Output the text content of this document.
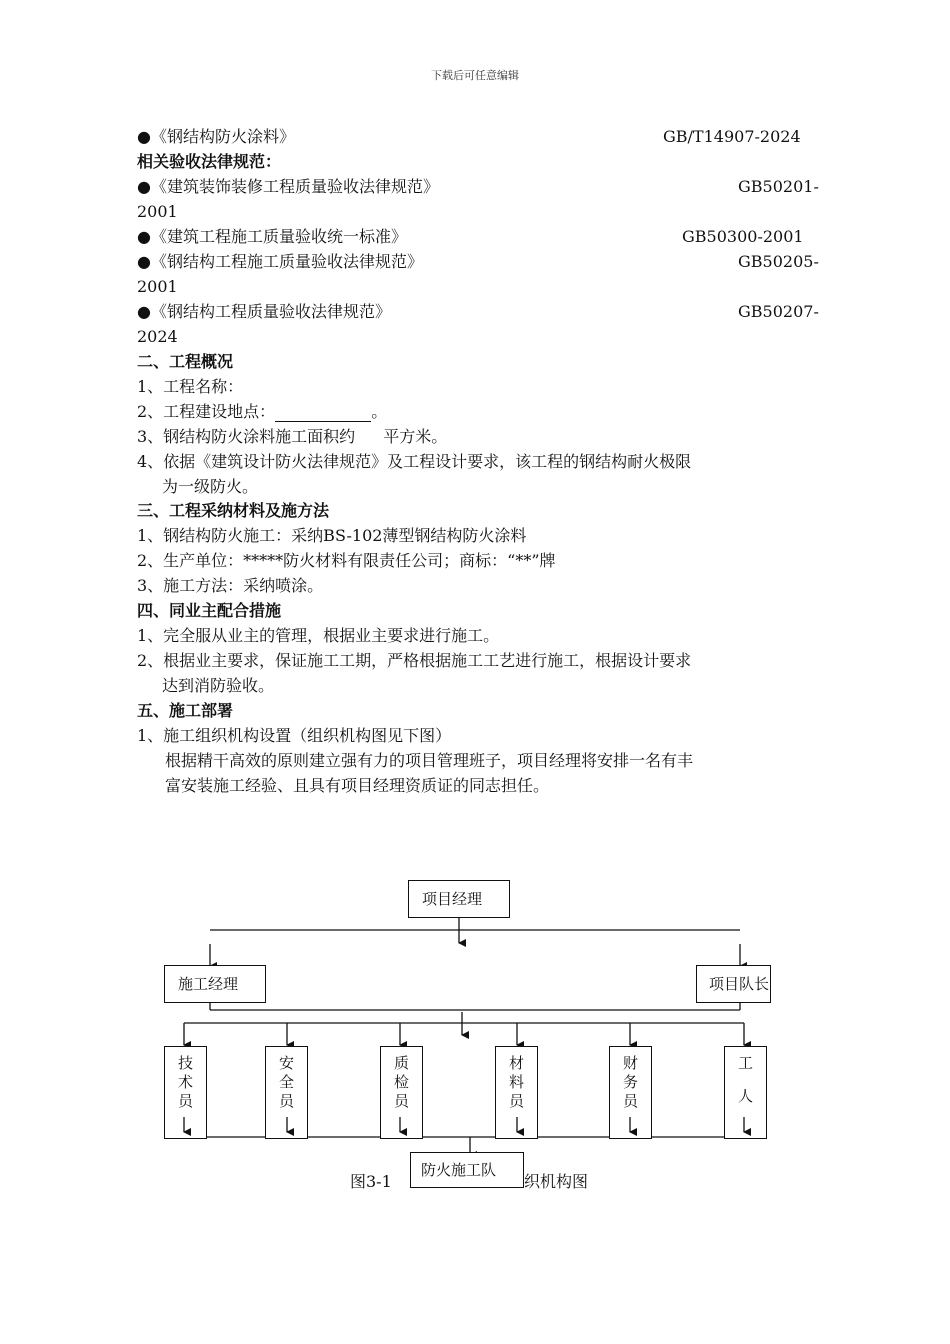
下载后可任意编辑
●《钢结构防火涂料》	GB/T14907-2024
相关验收法律规范：
●《建筑装饰装修工程质量验收法律规范》	GB50201-
2001
●《建筑工程施工质量验收统一标准》	GB50300-2001
●《钢结构工程施工质量验收法律规范》	GB50205-
2001
●《钢结构工程质量验收法律规范》	GB50207-
2024
二、工程概况
1、工程名称：
2、工程建设地点：	。
3、钢结构防火涂料施工面积约 平方米。
4、依据《建筑设计防火法律规范》及工程设计要求，该工程的钢结构耐火极限
为一级防火。
三、工程采纳材料及施方法
1、钢结构防火施工：采纳BS-102薄型钢结构防火涂料
2、生产单位：*****防火材料有限责任公司；商标：“**”牌
3、施工方法：采纳喷涂。
四、同业主配合措施
1、完全服从业主的管理，根据业主要求进行施工。
2、根据业主要求，保证施工工期，严格根据施工工艺进行施工，根据设计要求
达到消防验收。
五、施工部署
1、施工组织机构设置（组织机构图见下图）
根据精干高效的原则建立强有力的项目管理班子，项目经理将安排一名有丰
富安装施工经验、且具有项目经理资质证的同志担任。
项目经理
施工经理	项目队长
技
术
员
安
全
员
质
检
员
材
料
员
财
务
员
工
人
图3-1	织机构图
防火施工队
